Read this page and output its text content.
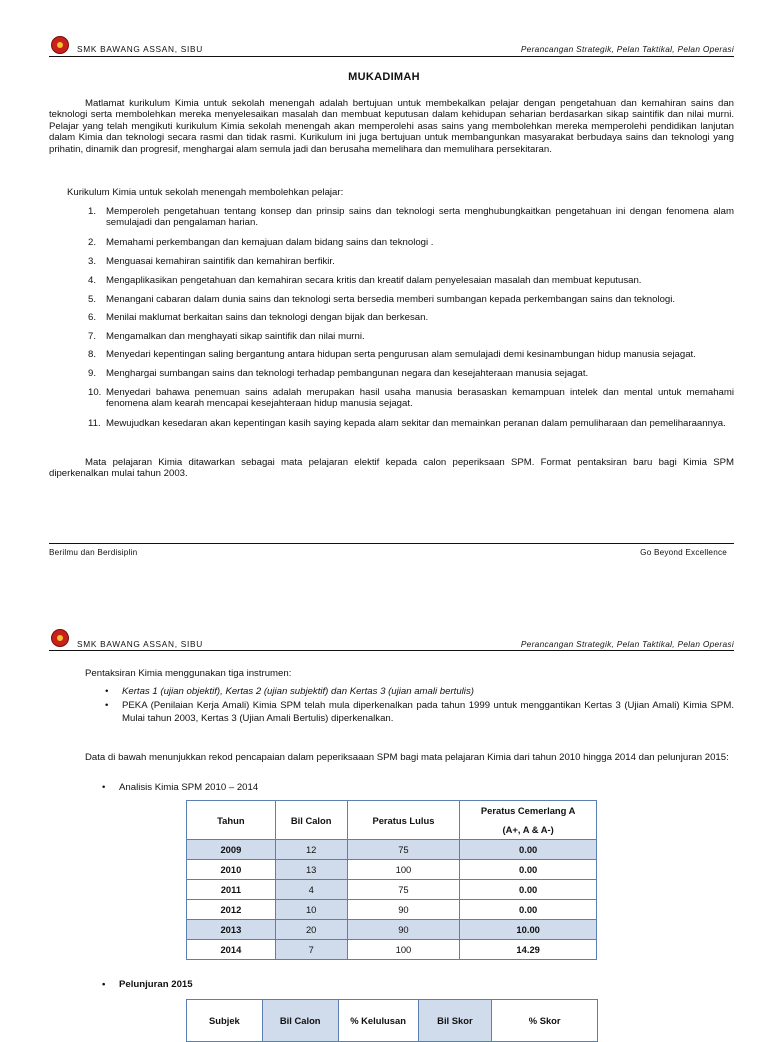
SMK BAWANG ASSAN, SIBU	Perancangan Strategik, Pelan Taktikal, Pelan Operasi
MUKADIMAH
Matlamat kurikulum Kimia untuk sekolah menengah adalah bertujuan untuk membekalkan pelajar dengan pengetahuan dan kemahiran sains dan teknologi serta membolehkan mereka menyelesaikan masalah dan membuat keputusan dalam kehidupan seharian berdasarkan sikap saintifik dan nilai murni. Pelajar yang telah mengikuti kurikulum Kimia sekolah menengah akan memperolehi asas sains yang membolehkan mereka memperolehi pendidikan lanjutan dalam Kimia dan teknologi secara rasmi dan tidak rasmi. Kurikulum ini juga bertujuan untuk membangunkan masyarakat berbudaya sains dan teknologi yang prihatin, dinamik dan progresif, menghargai alam semula jadi dan berusaha memelihara dan memulihara persekitaran.
Kurikulum Kimia untuk sekolah menengah membolehkan pelajar:
1.	Memperoleh pengetahuan tentang konsep dan prinsip sains dan teknologi serta menghubungkaitkan pengetahuan ini dengan fenomena alam semulajadi dan pengalaman harian.
2.	Memahami perkembangan dan kemajuan dalam bidang sains dan teknologi .
3.	Menguasai kemahiran saintifik dan kemahiran berfikir.
4.	Mengaplikasikan pengetahuan dan kemahiran secara kritis dan kreatif dalam penyelesaian masalah dan membuat keputusan.
5.	Menangani cabaran dalam dunia sains dan teknologi serta bersedia memberi sumbangan kepada perkembangan sains dan teknologi.
6.	Menilai maklumat berkaitan sains dan teknologi dengan bijak dan berkesan.
7.	Mengamalkan dan menghayati sikap saintifik dan nilai murni.
8.	Menyedari kepentingan saling bergantung antara hidupan serta pengurusan alam semulajadi demi kesinambungan hidup manusia sejagat.
9.	Menghargai sumbangan sains dan teknologi terhadap pembangunan negara dan kesejahteraan manusia sejagat.
10. Menyedari bahawa penemuan sains adalah merupakan hasil usaha manusia berasaskan kemampuan intelek dan mental untuk memahami fenomena alam kearah mencapai kesejahteraan hidup manusia sejagat.
11. Mewujudkan kesedaran akan kepentingan kasih saying kepada alam sekitar dan memainkan peranan dalam pemuliharaan dan pemeliharaannya.
Mata pelajaran Kimia ditawarkan sebagai mata pelajaran elektif kepada calon peperiksaan SPM. Format pentaksiran baru bagi Kimia SPM diperkenalkan mulai tahun 2003.
Berilmu dan Berdisiplin	Go Beyond Excellence
SMK BAWANG ASSAN, SIBU	Perancangan Strategik, Pelan Taktikal, Pelan Operasi
Pentaksiran Kimia menggunakan tiga instrumen:
• Kertas 1 (ujian objektif), Kertas 2 (ujian subjektif) dan Kertas 3 (ujian amali bertulis)
• PEKA (Penilaian Kerja Amali) Kimia SPM telah mula diperkenalkan pada tahun 1999 untuk menggantikan Kertas 3 (Ujian Amali) Kimia SPM. Mulai tahun 2003, Kertas 3 (Ujian Amali Bertulis) diperkenalkan.
Data di bawah menunjukkan rekod pencapaian dalam peperiksaaan SPM bagi mata pelajaran Kimia dari tahun 2010 hingga 2014 dan pelunjuran 2015:
• Analisis Kimia SPM 2010 – 2014
Tahun	Bil Calon	Peratus Lulus	Peratus Cemerlang A
(A+, A & A-)

2009	12	75	0.00
2010	13	100	0.00
2011	4	75	0.00
2012	10	90	0.00
2013	20	90	10.00
2014	7	100	14.29
• Pelunjuran 2015
Subjek	Bil Calon	% Kelulusan	Bil Skor	% Skor
